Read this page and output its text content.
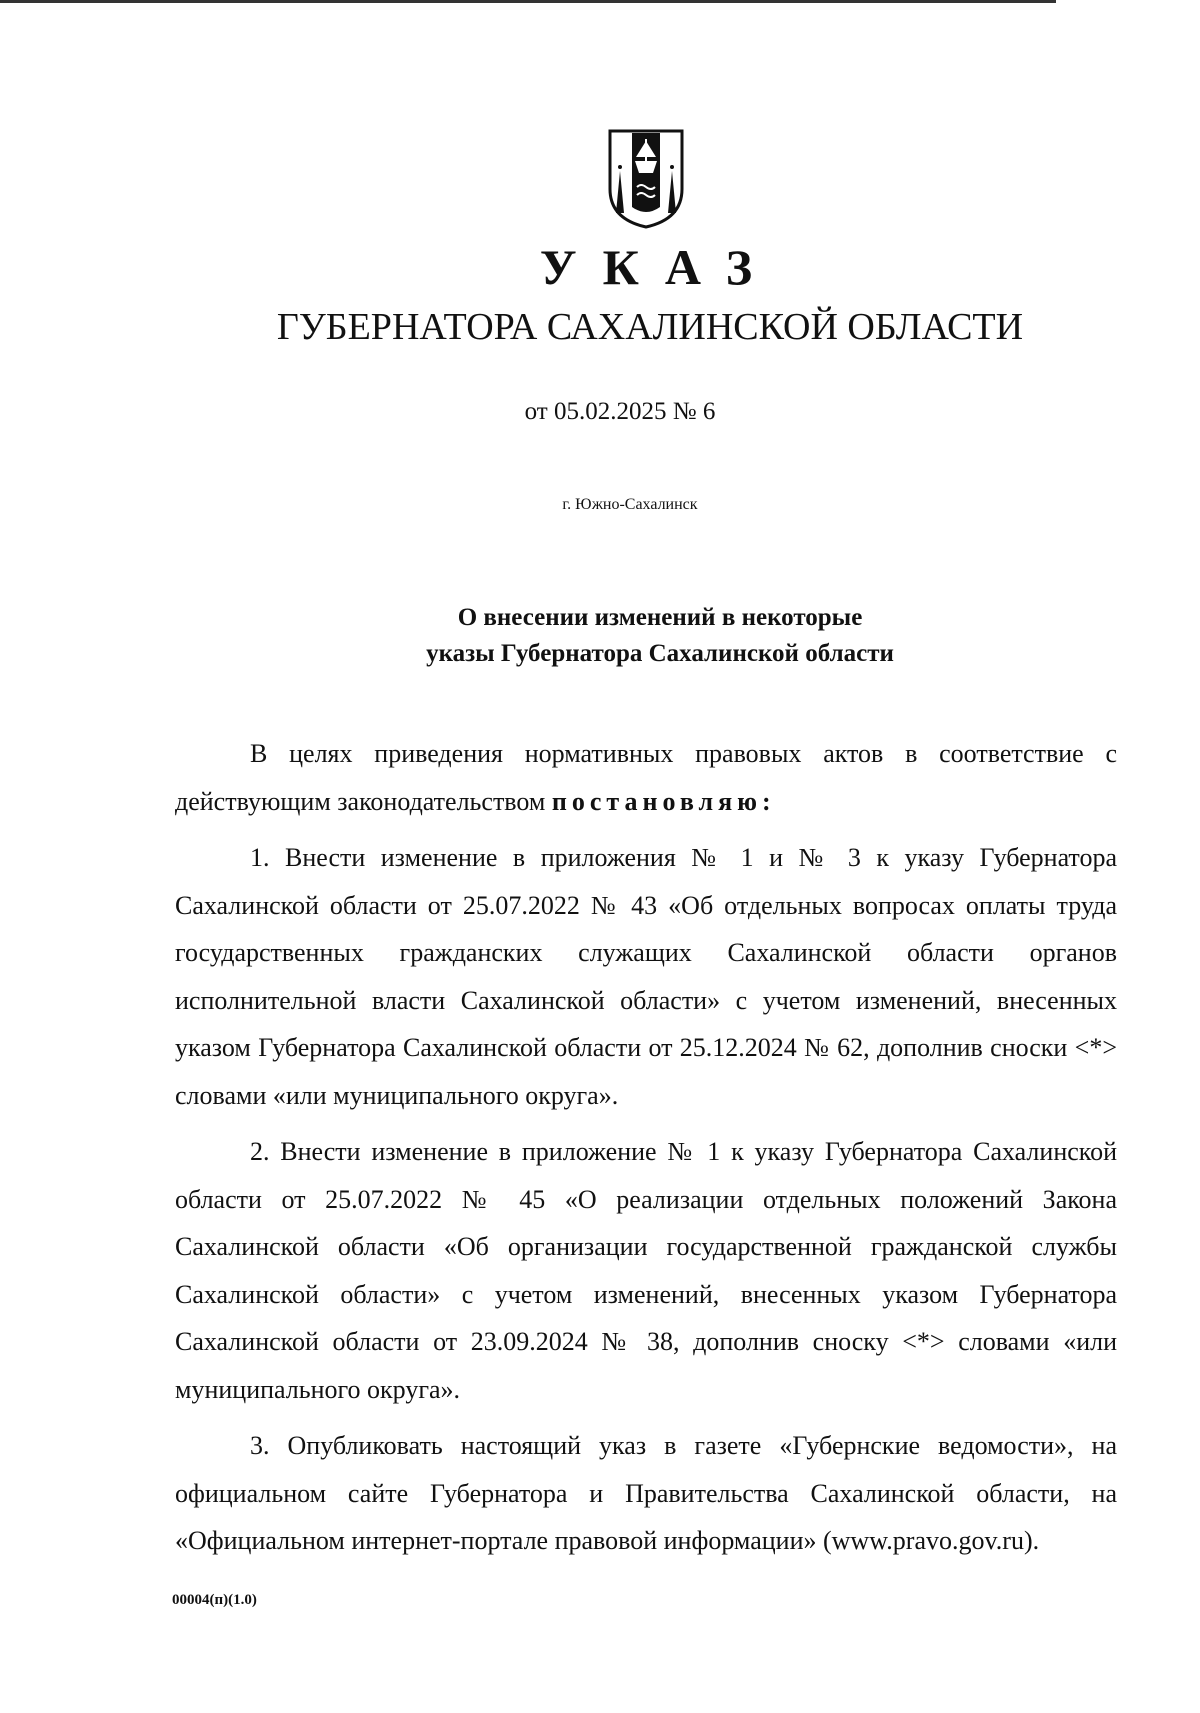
УКАЗ
ГУБЕРНАТОРА САХАЛИНСКОЙ ОБЛАСТИ
от 05.02.2025 № 6
г. Южно-Сахалинск
О внесении изменений в некоторые
указы Губернатора Сахалинской области

В целях приведения нормативных правовых актов в соответствие с действующим законодательством постановляю:

1. Внести изменение в приложения № 1 и № 3 к указу Губернатора Сахалинской области от 25.07.2022 № 43 «Об отдельных вопросах оплаты труда государственных гражданских служащих Сахалинской области органов исполнительной власти Сахалинской области» с учетом изменений, внесенных указом Губернатора Сахалинской области от 25.12.2024 № 62, дополнив сноски <*> словами «или муниципального округа».

2. Внести изменение в приложение № 1 к указу Губернатора Сахалинской области от 25.07.2022 № 45 «О реализации отдельных положений Закона Сахалинской области «Об организации государственной гражданской службы Сахалинской области» с учетом изменений, внесенных указом Губернатора Сахалинской области от 23.09.2024 № 38, дополнив сноску <*> словами «или муниципального округа».

3. Опубликовать настоящий указ в газете «Губернские ведомости», на официальном сайте Губернатора и Правительства Сахалинской области, на «Официальном интернет-портале правовой информации» (www.pravo.gov.ru).

00004(п)(1.0)
